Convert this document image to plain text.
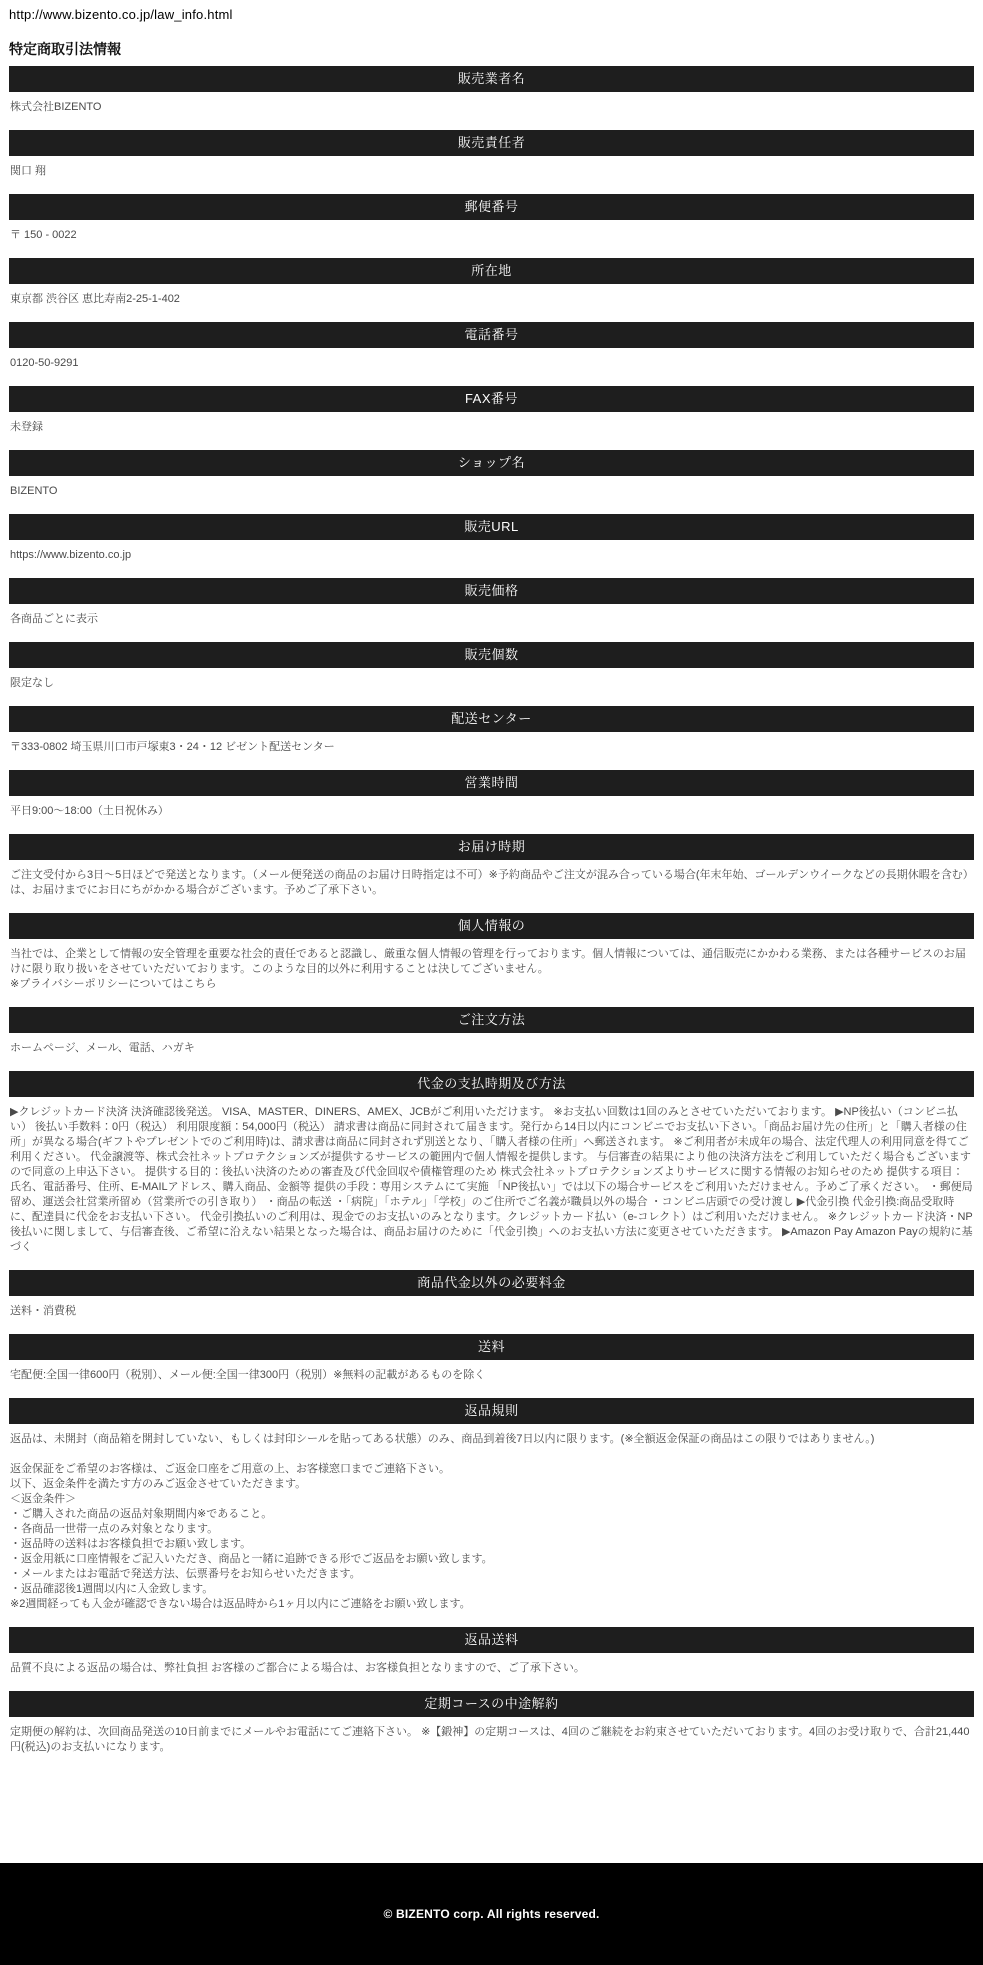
http://www.bizento.co.jp/law_info.html
特定商取引法情報
販売業者名
株式会社BIZENTO
販売責任者
関口 翔
郵便番号
〒 150 - 0022
所在地
東京都 渋谷区 恵比寿南2-25-1-402
電話番号
0120-50-9291
FAX番号
未登録
ショップ名
BIZENTO
販売URL
https://www.bizento.co.jp
販売価格
各商品ごとに表示
販売個数
限定なし
配送センター
〒333-0802 埼玉県川口市戸塚東3・24・12 ビゼント配送センター
営業時間
平日9:00〜18:00（土日祝休み）
お届け時期
ご注文受付から3日〜5日ほどで発送となります。（メール便発送の商品のお届け日時指定は不可）※予約商品やご注文が混み合っている場合(年末年始、ゴールデンウイークなどの長期休暇を含む）は、お届けまでにお日にちがかかる場合がございます。予めご了承下さい。
個人情報の
当社では、企業として情報の安全管理を重要な社会的責任であると認識し、厳重な個人情報の管理を行っております。個人情報については、通信販売にかかわる業務、または各種サービスのお届けに限り取り扱いをさせていただいております。このような目的以外に利用することは決してございません。
※プライバシーポリシーについてはこちら
ご注文方法
ホームページ、メール、電話、ハガキ
代金の支払時期及び方法
▶クレジットカード決済 決済確認後発送。 VISA、MASTER、DINERS、AMEX、JCBがご利用いただけます。 ※お支払い回数は1回のみとさせていただいております。 ▶NP後払い（コンビニ払い） 後払い手数料：0円（税込） 利用限度額：54,000円（税込） 請求書は商品に同封されて届きます。発行から14日以内にコンビニでお支払い下さい。「商品お届け先の住所」と「購入者様の住所」が異なる場合(ギフトやプレゼントでのご利用時)は、請求書は商品に同封されず別送となり、「購入者様の住所」へ郵送されます。 ※ご利用者が未成年の場合、法定代理人の利用同意を得てご利用ください。 代金譲渡等、株式会社ネットプロテクションズが提供するサービスの範囲内で個人情報を提供します。 与信審査の結果により他の決済方法をご利用していただく場合もございますので同意の上申込下さい。 提供する目的：後払い決済のための審査及び代金回収や債権管理のため 株式会社ネットプロテクションズよりサービスに関する情報のお知らせのため 提供する項目：氏名、電話番号、住所、E-MAILアドレス、購入商品、金額等 提供の手段：専用システムにて実施 「NP後払い」では以下の場合サービスをご利用いただけません。予めご了承ください。 ・郵便局留め、運送会社営業所留め（営業所での引き取り） ・商品の転送 ・「病院」「ホテル」「学校」のご住所でご名義が職員以外の場合 ・コンビニ店頭での受け渡し ▶代金引換 代金引換:商品受取時に、配達員に代金をお支払い下さい。 代金引換払いのご利用は、現金でのお支払いのみとなります。クレジットカード払い（e-コレクト）はご利用いただけません。 ※クレジットカード決済・NP後払いに関しまして、与信審査後、ご希望に沿えない結果となった場合は、商品お届けのために「代金引換」へのお支払い方法に変更させていただきます。 ▶Amazon Pay Amazon Payの規約に基づく
商品代金以外の必要料金
送料・消費税
送料
宅配便:全国一律600円（税別）、メール便:全国一律300円（税別）※無料の記載があるものを除く
返品規則
返品は、未開封（商品箱を開封していない、もしくは封印シールを貼ってある状態）のみ、商品到着後7日以内に限ります。(※全額返金保証の商品はこの限りではありません。)

返金保証をご希望のお客様は、ご返金口座をご用意の上、お客様窓口までご連絡下さい。
以下、返金条件を満たす方のみご返金させていただきます。
＜返金条件＞
・ご購入された商品の返品対象期間内※であること。
・各商品一世帯一点のみ対象となります。
・返品時の送料はお客様負担でお願い致します。
・返金用紙に口座情報をご記入いただき、商品と一緒に追跡できる形でご返品をお願い致します。
・メールまたはお電話で発送方法、伝票番号をお知らせいただきます。
・返品確認後1週間以内に入金致します。
※2週間経っても入金が確認できない場合は返品時から1ヶ月以内にご連絡をお願い致します。
返品送料
品質不良による返品の場合は、弊社負担 お客様のご都合による場合は、お客様負担となりますので、ご了承下さい。
定期コースの中途解約
定期便の解約は、次回商品発送の10日前までにメールやお電話にてご連絡下さい。 ※【鍛神】の定期コースは、4回のご継続をお約束させていただいております。4回のお受け取りで、合計21,440円(税込)のお支払いになります。
© BIZENTO corp. All rights reserved.
